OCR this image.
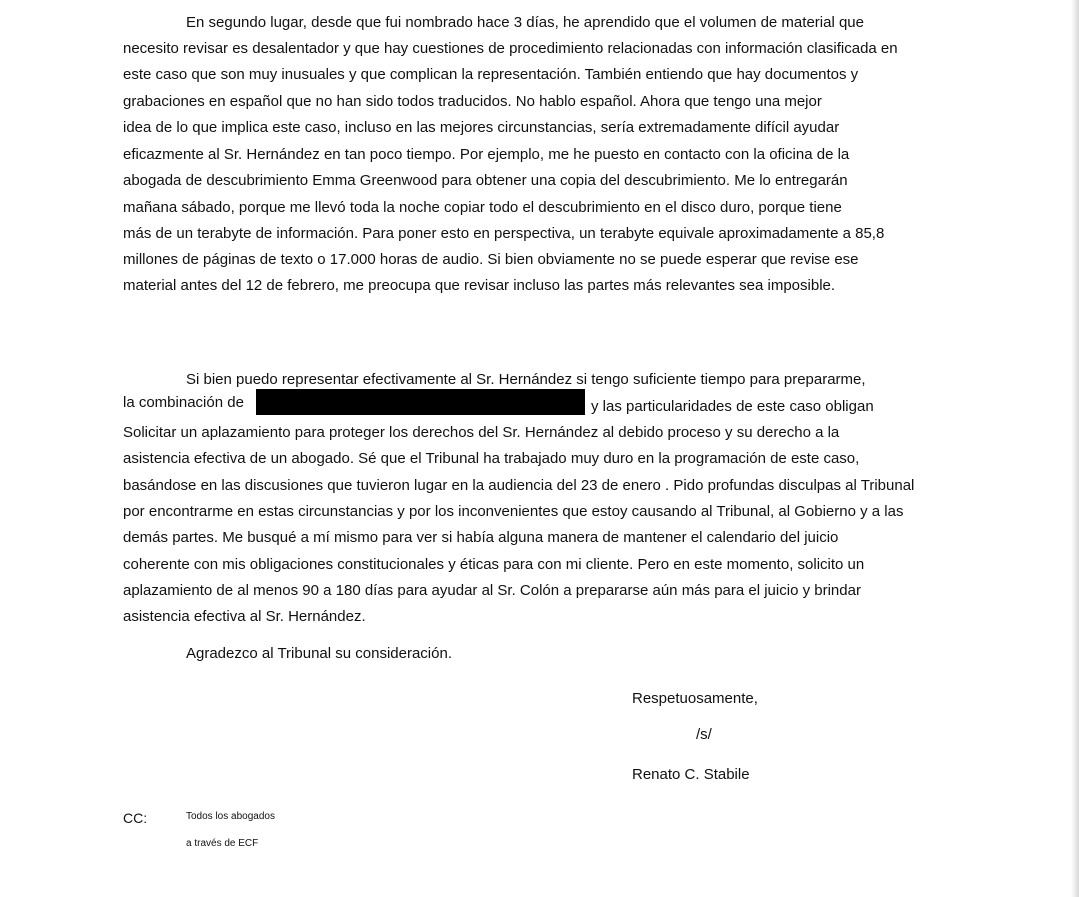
En segundo lugar, desde que fui nombrado hace 3 días, he aprendido que el volumen de material que
necesito revisar es desalentador y que hay cuestiones de procedimiento relacionadas con información clasificada en
este caso que son muy inusuales y que complican la representación. También entiendo que hay documentos y
grabaciones en español que no han sido todos traducidos. No hablo español. Ahora que tengo una mejor
idea de lo que implica este caso, incluso en las mejores circunstancias, sería extremadamente difícil ayudar
eficazmente al Sr. Hernández en tan poco tiempo. Por ejemplo, me he puesto en contacto con la oficina de la
abogada de descubrimiento Emma Greenwood para obtener una copia del descubrimiento. Me lo entregarán
mañana sábado, porque me llevó toda la noche copiar todo el descubrimiento en el disco duro, porque tiene
más de un terabyte de información. Para poner esto en perspectiva, un terabyte equivale aproximadamente a 85,8
millones de páginas de texto o 17.000 horas de audio. Si bien obviamente no se puede esperar que revise ese
material antes del 12 de febrero, me preocupa que revisar incluso las partes más relevantes sea imposible.
Si bien puedo representar efectivamente al Sr. Hernández si tengo suficiente tiempo para prepararme,
la combinación de	y las particularidades de este caso obligan
Solicitar un aplazamiento para proteger los derechos del Sr. Hernández al debido proceso y su derecho a la
asistencia efectiva de un abogado. Sé que el Tribunal ha trabajado muy duro en la programación de este caso,
basándose en las discusiones que tuvieron lugar en la audiencia del 23 de enero . Pido profundas disculpas al Tribunal
por encontrarme en estas circunstancias y por los inconvenientes que estoy causando al Tribunal, al Gobierno y a las
demás partes. Me busqué a mí mismo para ver si había alguna manera de mantener el calendario del juicio
coherente con mis obligaciones constitucionales y éticas para con mi cliente. Pero en este momento, solicito un
aplazamiento de al menos 90 a 180 días para ayudar al Sr. Colón a prepararse aún más para el juicio y brindar
asistencia efectiva al Sr. Hernández.
Agradezco al Tribunal su consideración.
Respetuosamente,
/s/
Renato C. Stabile
CC:	Todos los abogados
a través de ECF
